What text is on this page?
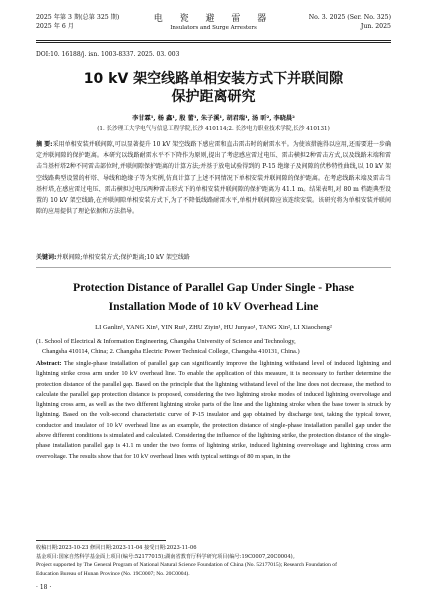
2025 年第 3 期(总第 325 期)
2025 年 6 月
电 瓷 避 雷 器
Insulators and Surge Arresters
No. 3. 2025 (Ser. No. 325)
Jun. 2025
DOI:10. 16188/j. isn. 1003-8337. 2025. 03. 003
10 kV 架空线路单相安装方式下并联间隙
保护距离研究
李甘霖¹, 杨 鑫¹, 殷 蕾¹, 朱子溪¹, 胡君瑞¹, 汤 昕², 李晓晨²
(1. 长沙理工大学电气与信息工程学院,长沙 410114;2. 长沙电力职业技术学院,长沙 410131)
摘 要:采用单相安装并联间隙,可以显著提升 10 kV 架空线路下感应雷和直击雷击时的耐雷水平。为使该措施得以应用,还需要进一步确定并联间隙的保护距离。本研究以线路耐雷水平不下降作为原则,提出了考虑感应雷过电压、雷击横担2种雷击方式,以及线路末端和雷击当基杆塔2种不同雷击部位时,并联间隙保护距离的计算方法;并基于放电试验得到的 P-15 绝缘子及间隙的伏秒特性曲线,以 10 kV 架空线路典型设置的杆塔、导线和绝缘子等为实例,仿真计算了上述不同情况下单相安装并联间隙的保护距离。在考虑线路末端及雷击当基杆塔,在感应雷过电压、雷击横担过电压两种雷击形式下的单相安装并联间隙的保护距离为 41.1 m。结果表明,对 80 m 档距典型设置的 10 kV 架空线路,在并联间隙单相安装方式下,为了不降低线路耐雷水平,单相并联间隙应该连续安装。该研究将为单相安装并联间隙的应用提供了理论依据和方法指导。
关键词:并联间隙;单相安装方式;保护距离;10 kV 架空线路
Protection Distance of Parallel Gap Under Single - Phase
Installation Mode of 10 kV Overhead Line
LI Ganlin¹, YANG Xin¹, YIN Rui¹, ZHU Ziyin¹, HU Junyao¹, TANG Xin², LI Xiaocheng²
(1. School of Electrical & Information Engineering, Changsha University of Science and Technology,
Changsha 410114, China; 2. Changsha Electric Power Technical College, Changsha 410131, China.)
Abstract: The single-phase installation of parallel gap can significantly improve the lightning withstand level of induced lightning and lightning strike cross arm under 10 kV overhead line. To enable the application of this measure, it is necessary to further determine the protection distance of the parallel gap. Based on the principle that the lightning withstand level of the line does not decrease, the method to calculate the parallel gap protection distance is proposed, considering the two lightning stroke modes of induced lightning overvoltage and lightning cross arm, as well as the two different lightning stroke parts of the line and the lightning stroke when the base tower is struck by lightning. Based on the volt-second characteristic curve of P-15 insulator and gap obtained by discharge test, taking the typical tower, conductor and insulator of 10 kV overhead line as an example, the protection distance of single-phase installation parallel gap under the above different conditions is simulated and calculated. Considering the influence of the lightning strike, the protection distance of the single-phase installation parallel gap is 41.1 m under the two forms of lightning strike, induced lightning overvoltage and lightning cross arm overvoltage. The results show that for 10 kV overhead lines with typical settings of 80 m span, in the
收稿日期:2023-10-23 修回日期:2023-11-04 接受日期:2023-11-06
基金项目:国家自然科学基金面上项目(编号:52177015);湖南省教育厅科学研究项目(编号:19C0007,20C0004)。
Project supported by The General Program of National Natural Science Foundation of China (No. 52177015); Research Foundation of
Education Bureau of Hunan Province (No. 19C0007; No. 20C0004).
· 18 ·
